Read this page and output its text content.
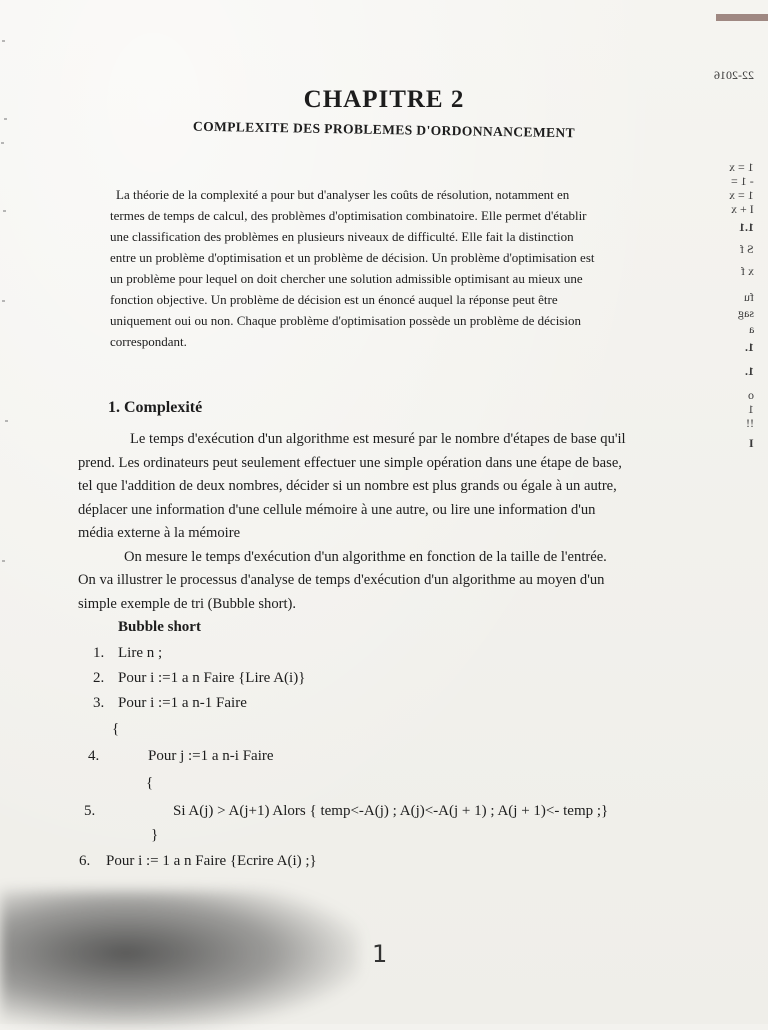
22-2016
1 = x
- 1 =
1 = x
I + x
1.1
S f
x f
fu
sag
a
1.
1.
o
1
!!
I
CHAPITRE 2
COMPLEXITE DES PROBLEMES D'ORDONNANCEMENT
La théorie de la complexité a pour but d'analyser les coûts de résolution, notamment en
termes de temps de calcul, des problèmes d'optimisation combinatoire. Elle permet d'établir
une classification des problèmes en plusieurs niveaux de difficulté. Elle fait la distinction
entre un problème d'optimisation et un problème de décision. Un problème d'optimisation est
un problème pour lequel on doit chercher une solution admissible optimisant au mieux une
fonction objective. Un problème de décision est un énoncé auquel la réponse peut être
uniquement oui ou non. Chaque problème d'optimisation possède un problème de décision
correspondant.
1. Complexité
Le temps d'exécution d'un algorithme est mesuré par le nombre d'étapes de base qu'il
prend. Les ordinateurs peut seulement effectuer une simple opération dans une étape de base,
tel que l'addition de deux nombres, décider si un nombre est plus grands ou égale à un autre,
déplacer une information d'une cellule mémoire à une autre, ou lire une information d'un
média externe à la mémoire
On mesure le temps d'exécution d'un algorithme en fonction de la taille de l'entrée.
On va illustrer le processus d'analyse de temps d'exécution d'un algorithme au moyen d'un
simple exemple de tri (Bubble short).
Bubble short
1. Lire n ;
2. Pour i :=1 a n Faire {Lire A(i)}
3. Pour i :=1 a n-1 Faire
{
4.	Pour j :=1 a n-i Faire
{
5.	Si A(j) > A(j+1) Alors { temp<-A(j) ; A(j)<-A(j + 1) ; A(j + 1)<- temp ;}
}
6. Pour i := 1 a n Faire {Ecrire A(i) ;}
1
